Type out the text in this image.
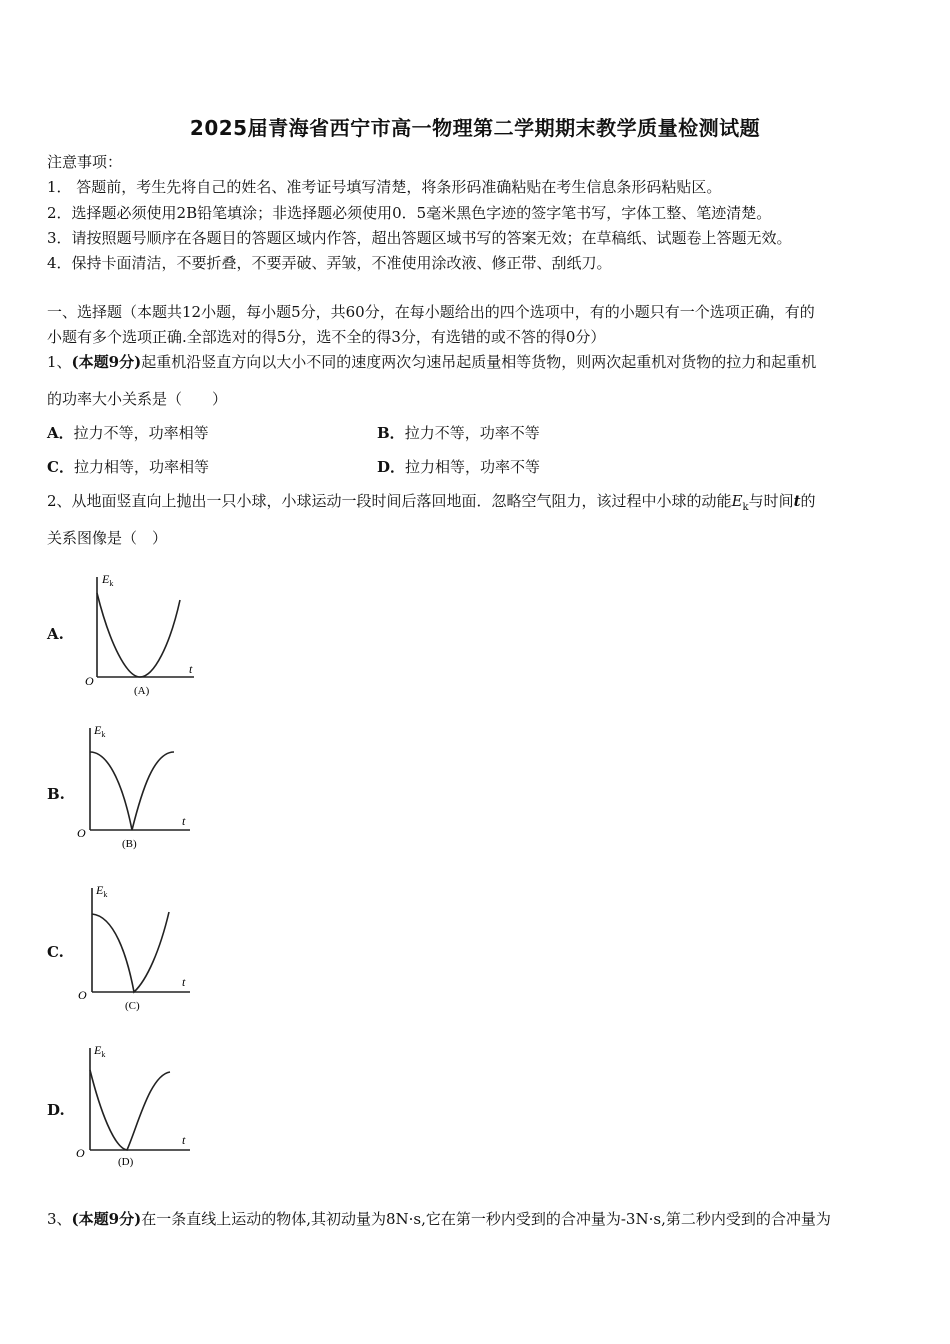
2025届青海省西宁市高一物理第二学期期末教学质量检测试题
注意事项：
1． 答题前，考生先将自己的姓名、准考证号填写清楚，将条形码准确粘贴在考生信息条形码粘贴区。
2．选择题必须使用2B铅笔填涂；非选择题必须使用0．5毫米黑色字迹的签字笔书写，字体工整、笔迹清楚。
3．请按照题号顺序在各题目的答题区域内作答，超出答题区域书写的答案无效；在草稿纸、试题卷上答题无效。
4．保持卡面清洁，不要折叠，不要弄破、弄皱，不准使用涂改液、修正带、刮纸刀。
一、选择题（本题共12小题，每小题5分，共60分，在每小题给出的四个选项中，有的小题只有一个选项正确，有的
小题有多个选项正确.全部选对的得5分，选不全的得3分，有选错的或不答的得0分）
1、(本题9分)起重机沿竖直方向以大小不同的速度两次匀速吊起质量相等货物，则两次起重机对货物的拉力和起重机
的功率大小关系是（　　）
A．拉力不等，功率相等	B．拉力不等，功率不等
C．拉力相等，功率相等	D．拉力相等，功率不等
2、从地面竖直向上抛出一只小球，小球运动一段时间后落回地面．忽略空气阻力，该过程中小球的动能$E_k$与时间t的
关系图像是（　）
A.
$E_k$
t
O
(A)
B.
$E_k$
t
O
(B)
C.
$E_k$
t
O
(C)
D.
$E_k$
t
O
(D)
3、(本题9分)在一条直线上运动的物体,其初动量为8N·s,它在第一秒内受到的合冲量为-3N·s,第二秒内受到的合冲量为
